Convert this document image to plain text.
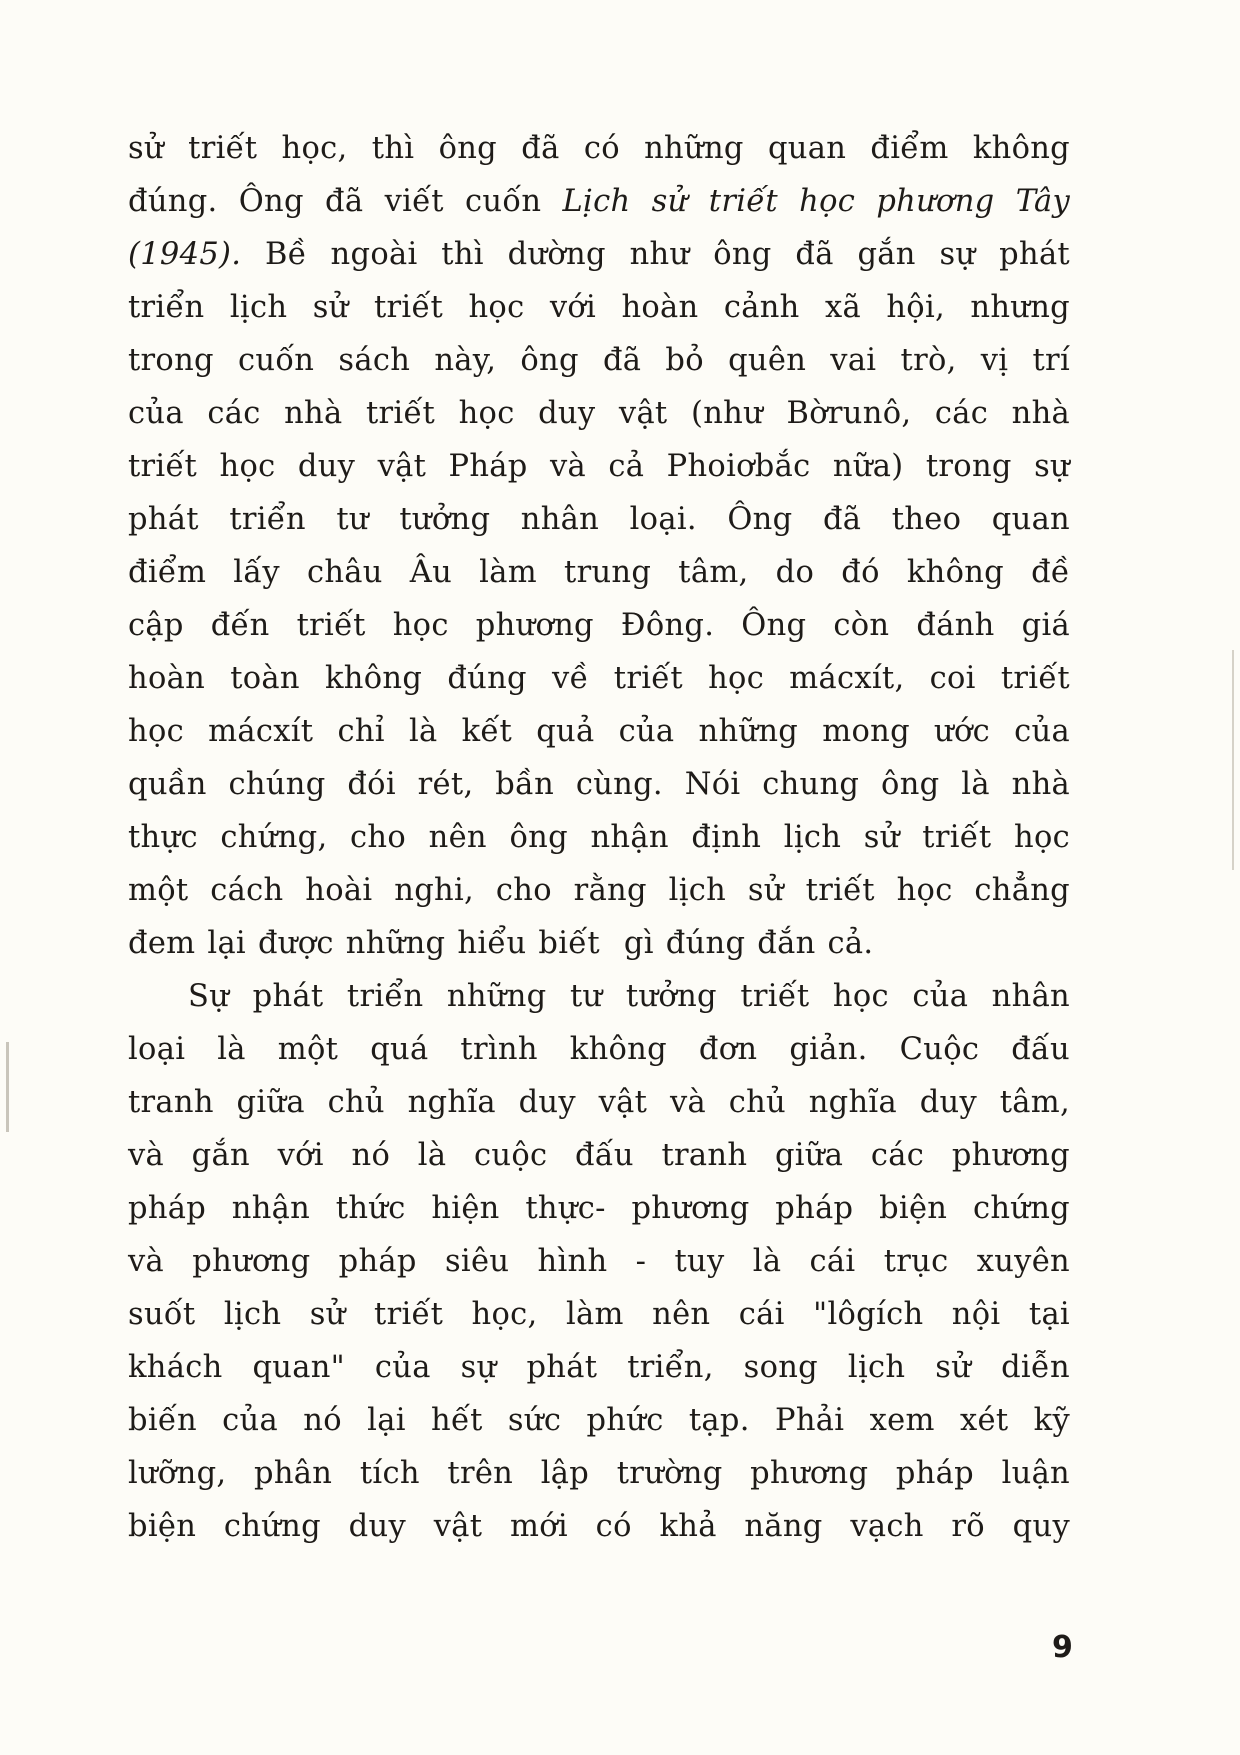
sử triết học, thì ông đã có những quan điểm không
đúng. Ông đã viết cuốn Lịch sử triết học phương Tây
(1945). Bề ngoài thì dường như ông đã gắn sự phát
triển lịch sử triết học với hoàn cảnh xã hội, nhưng
trong cuốn sách này, ông đã bỏ quên vai trò, vị trí
của các nhà triết học duy vật (như Bờrunô, các nhà
triết học duy vật Pháp và cả Phoiơbắc nữa) trong sự
phát triển tư tưởng nhân loại. Ông đã theo quan
điểm lấy châu Âu làm trung tâm, do đó không đề
cập đến triết học phương Đông. Ông còn đánh giá
hoàn toàn không đúng về triết học mácxít, coi triết
học mácxít chỉ là kết quả của những mong ước của
quần chúng đói rét, bần cùng. Nói chung ông là nhà
thực chứng, cho nên ông nhận định lịch sử triết học
một cách hoài nghi, cho rằng lịch sử triết học chẳng
đem lại được những hiểu biết  gì đúng đắn cả.
Sự phát triển những tư tưởng triết học của nhân
loại là một quá trình không đơn giản. Cuộc đấu
tranh giữa chủ nghĩa duy vật và chủ nghĩa duy tâm,
và gắn với nó là cuộc đấu tranh giữa các phương
pháp nhận thức hiện thực- phương pháp biện chứng
và phương pháp siêu hình - tuy là cái trục xuyên
suốt lịch sử triết học, làm nên cái "lôgích nội tại
khách quan" của sự phát triển, song lịch sử diễn
biến của nó lại hết sức phức tạp. Phải xem xét kỹ
lưỡng, phân tích trên lập trường phương pháp luận
biện chứng duy vật mới có khả năng vạch rõ quy
9
